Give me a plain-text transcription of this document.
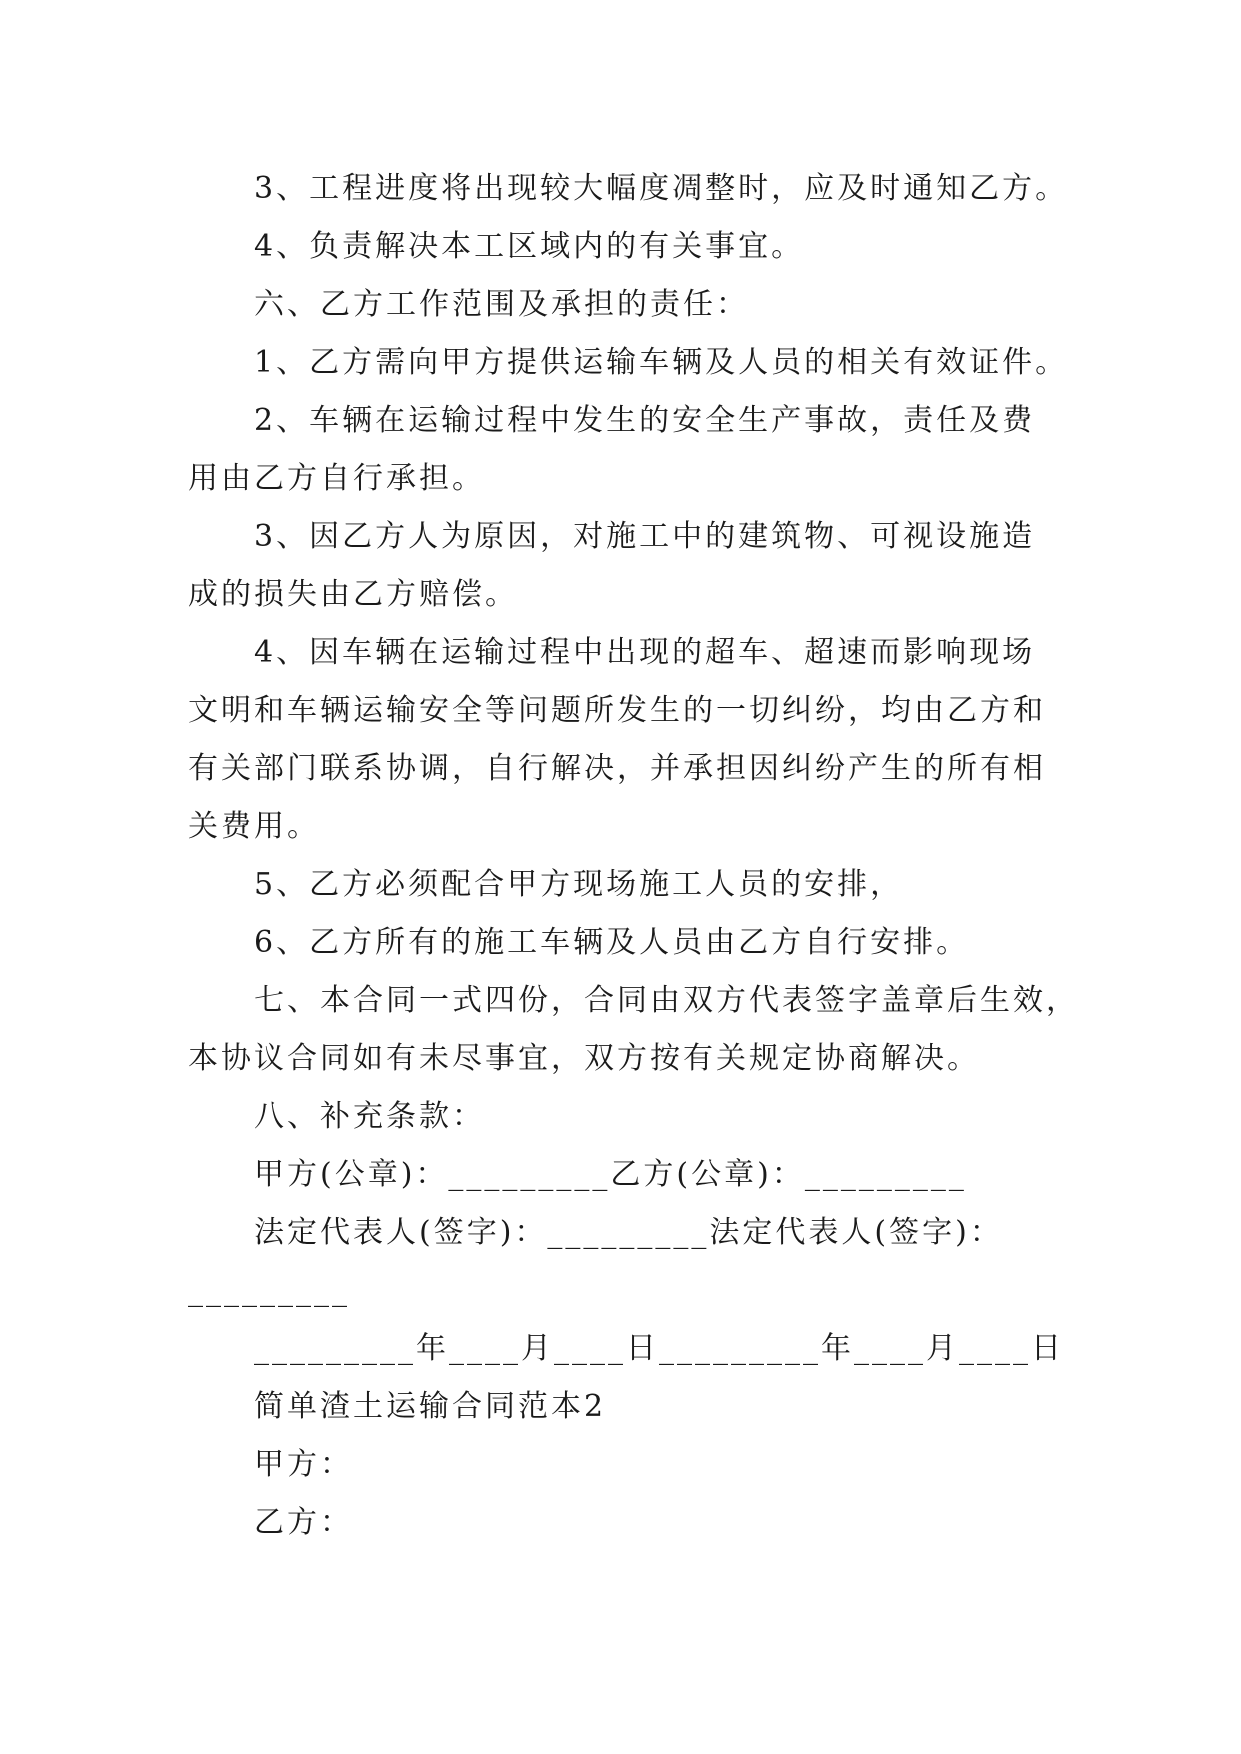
3、工程进度将出现较大幅度凋整时，应及时通知乙方。

4、负责解决本工区域内的有关事宜。

六、乙方工作范围及承担的责任：

1、乙方需向甲方提供运输车辆及人员的相关有效证件。

2、车辆在运输过程中发生的安全生产事故，责任及费
用由乙方自行承担。

3、因乙方人为原因，对施工中的建筑物、可视设施造
成的损失由乙方赔偿。

4、因车辆在运输过程中出现的超车、超速而影响现场
文明和车辆运输安全等问题所发生的一切纠纷，均由乙方和
有关部门联系协调，自行解决，并承担因纠纷产生的所有相
关费用。

5、乙方必须配合甲方现场施工人员的安排，

6、乙方所有的施工车辆及人员由乙方自行安排。

七、本合同一式四份，合同由双方代表签字盖章后生效，
本协议合同如有未尽事宜，双方按有关规定协商解决。

八、补充条款：

甲方(公章)：_________乙方(公章)：_________

法定代表人(签字)：_________法定代表人(签字)：
_________

_________年____月____日_________年____月____日

简单渣土运输合同范本2

甲方：

乙方：
